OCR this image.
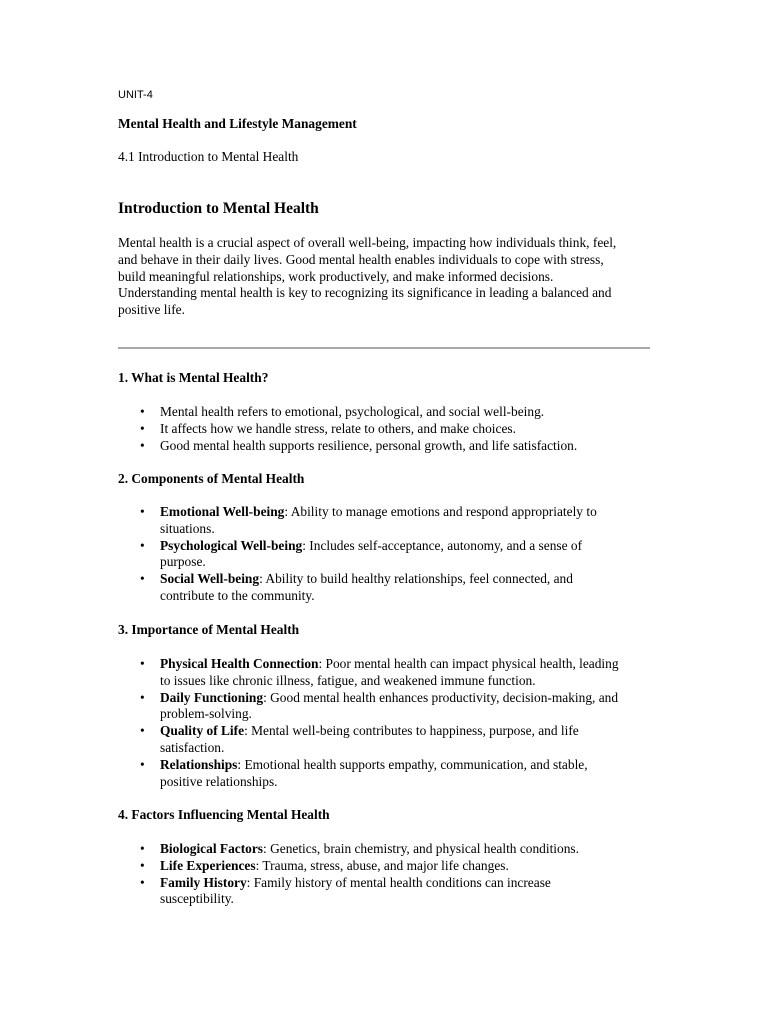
UNIT-4
Mental Health and Lifestyle Management
4.1 Introduction to Mental Health
Introduction to Mental Health
Mental health is a crucial aspect of overall well-being, impacting how individuals think, feel,
and behave in their daily lives. Good mental health enables individuals to cope with stress,
build meaningful relationships, work productively, and make informed decisions.
Understanding mental health is key to recognizing its significance in leading a balanced and
positive life.
1. What is Mental Health?
• Mental health refers to emotional, psychological, and social well-being.
• It affects how we handle stress, relate to others, and make choices.
• Good mental health supports resilience, personal growth, and life satisfaction.
2. Components of Mental Health
• Emotional Well-being: Ability to manage emotions and respond appropriately to
situations.
• Psychological Well-being: Includes self-acceptance, autonomy, and a sense of
purpose.
• Social Well-being: Ability to build healthy relationships, feel connected, and
contribute to the community.
3. Importance of Mental Health
• Physical Health Connection: Poor mental health can impact physical health, leading
to issues like chronic illness, fatigue, and weakened immune function.
• Daily Functioning: Good mental health enhances productivity, decision-making, and
problem-solving.
• Quality of Life: Mental well-being contributes to happiness, purpose, and life
satisfaction.
• Relationships: Emotional health supports empathy, communication, and stable,
positive relationships.
4. Factors Influencing Mental Health
• Biological Factors: Genetics, brain chemistry, and physical health conditions.
• Life Experiences: Trauma, stress, abuse, and major life changes.
• Family History: Family history of mental health conditions can increase
susceptibility.
